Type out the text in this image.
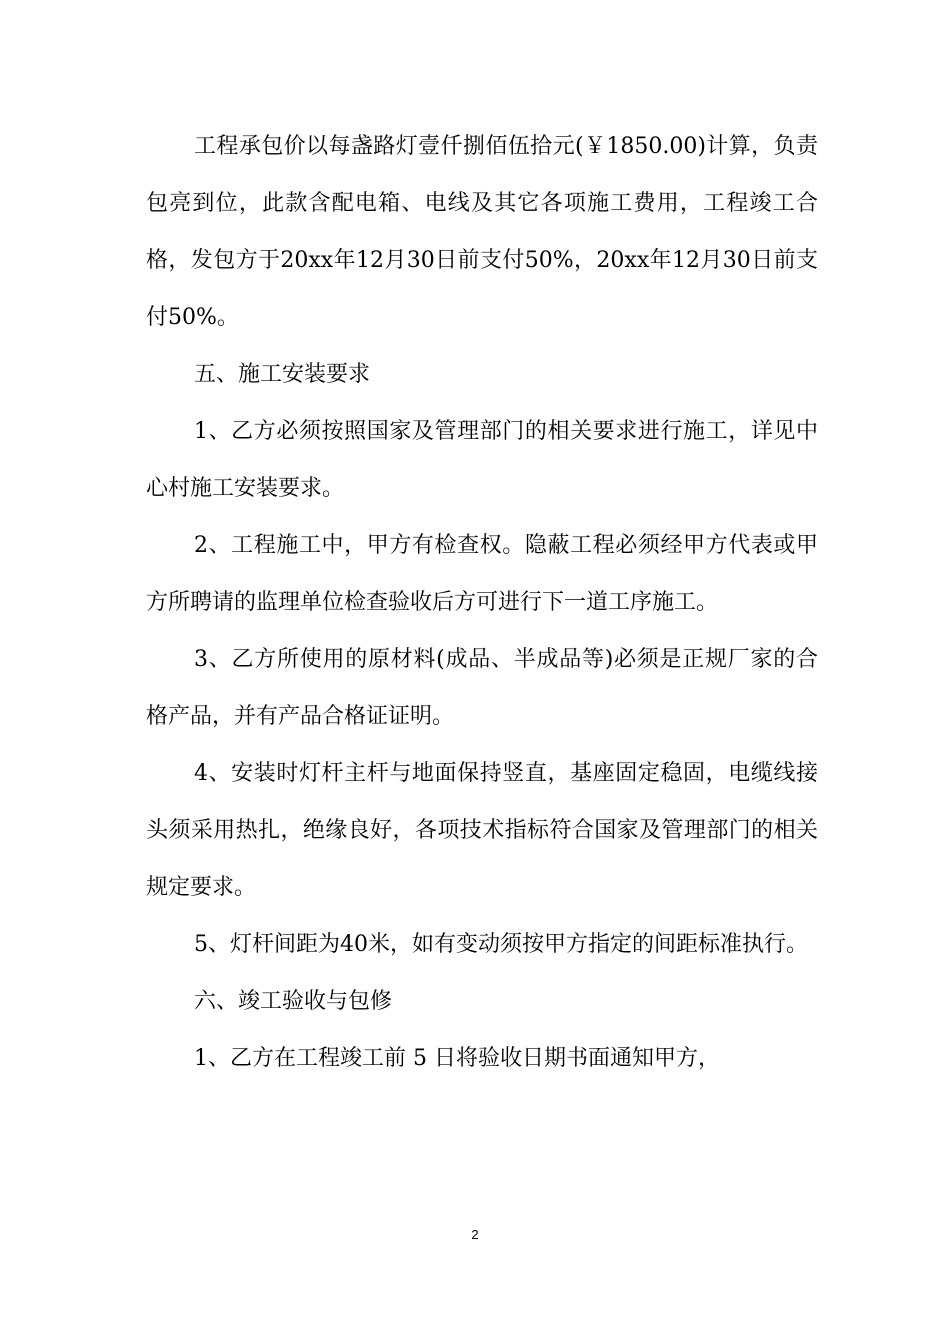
工程承包价以每盏路灯壹仟捌佰伍拾元(￥1850.00)计算，负责包亮到位，此款含配电箱、电线及其它各项施工费用，工程竣工合格，发包方于20xx年12月30日前支付50%，20xx年12月30日前支付50%。

五、施工安装要求

1、乙方必须按照国家及管理部门的相关要求进行施工，详见中心村施工安装要求。

2、工程施工中，甲方有检查权。隐蔽工程必须经甲方代表或甲方所聘请的监理单位检查验收后方可进行下一道工序施工。

3、乙方所使用的原材料(成品、半成品等)必须是正规厂家的合格产品，并有产品合格证证明。

4、安装时灯杆主杆与地面保持竖直，基座固定稳固，电缆线接头须采用热扎，绝缘良好，各项技术指标符合国家及管理部门的相关规定要求。

5、灯杆间距为40米，如有变动须按甲方指定的间距标准执行。

六、竣工验收与包修

1、乙方在工程竣工前 5 日将验收日期书面通知甲方，

2
